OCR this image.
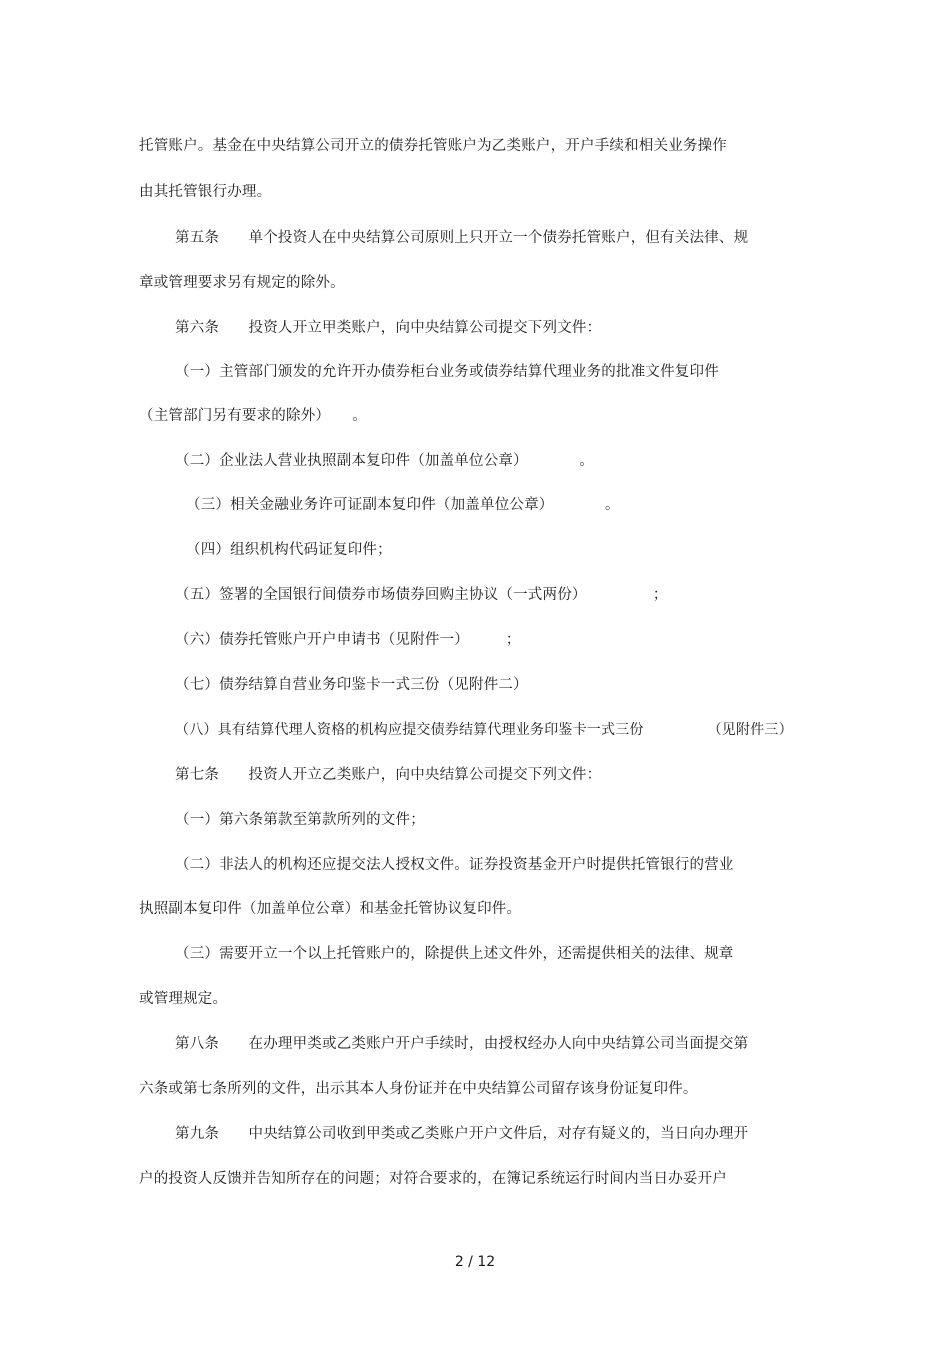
托管账户。基金在中央结算公司开立的债券托管账户为乙类账户，开户手续和相关业务操作
由其托管银行办理。
第五条　　单个投资人在中央结算公司原则上只开立一个债券托管账户，但有关法律、规
章或管理要求另有规定的除外。
第六条　　投资人开立甲类账户，向中央结算公司提交下列文件：
（一）主管部门颁发的允许开办债券柜台业务或债券结算代理业务的批准文件复印件
（主管部门另有要求的除外）　　。
（二）企业法人营业执照副本复印件（加盖单位公章）　　　　。
（三）相关金融业务许可证副本复印件（加盖单位公章）　　　　。
（四）组织机构代码证复印件；
（五）签署的全国银行间债券市场债券回购主协议（一式两份）　　　　　；
（六）债券托管账户开户申请书（见附件一）　　　；
（七）债券结算自营业务印鉴卡一式三份（见附件二）
（八）具有结算代理人资格的机构应提交债券结算代理业务印鉴卡一式三份　　　　　（见附件三）
第七条　　投资人开立乙类账户，向中央结算公司提交下列文件：
（一）第六条第款至第款所列的文件；
（二）非法人的机构还应提交法人授权文件。证券投资基金开户时提供托管银行的营业
执照副本复印件（加盖单位公章）和基金托管协议复印件。
（三）需要开立一个以上托管账户的，除提供上述文件外，还需提供相关的法律、规章
或管理规定。
第八条　　在办理甲类或乙类账户开户手续时，由授权经办人向中央结算公司当面提交第
六条或第七条所列的文件，出示其本人身份证并在中央结算公司留存该身份证复印件。
第九条　　中央结算公司收到甲类或乙类账户开户文件后，对存有疑义的，当日向办理开
户的投资人反馈并告知所存在的问题；对符合要求的，在簿记系统运行时间内当日办妥开户
2 / 12
